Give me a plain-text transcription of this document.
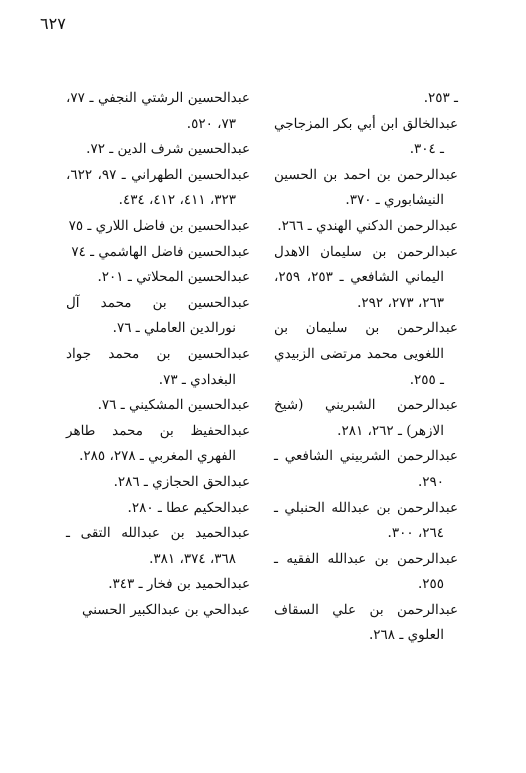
٦٢٧

عبدالحسين الرشتي النجفي ـ ٧٧، ٧٣، ٥٢٠.

عبدالحسين شرف الدين ـ ٧٢.

عبدالحسين الطهراني ـ ٩٧، ٦٢٢، ٣٢٣، ٤١١، ٤١٢، ٤٣٤.

عبدالحسين بن فاضل اللاري ـ ٧٥

عبدالحسين فاضل الهاشمي ـ ٧٤

عبدالحسين المحلاتي ـ ٢٠١.

عبدالحسين بن محمد آل نورالدين العاملي ـ ٧٦.

عبدالحسين بن محمد جواد البغدادي ـ ٧٣.

عبدالحسين المشكيني ـ ٧٦.

عبدالحفيظ بن محمد طاهر الفهري المغربي ـ ٢٧٨، ٢٨٥.

عبدالحق الحجازي ـ ٢٨٦.

عبدالحكيم عطا ـ ٢٨٠.

عبدالحميد بن عبدالله التقى ـ ٣٦٨، ٣٧٤، ٣٨١.

عبدالحميد بن فخار ـ ٣٤٣.

عبدالحي بن عبدالكبير الحسني

ـ ٢٥٣.

عبدالخالق ابن أبي بكر المزجاجي ـ ٣٠٤.

عبدالرحمن بن احمد بن الحسين النيشابوري ـ ٣٧٠.

عبدالرحمن الدكني الهندي ـ ٢٦٦.

عبدالرحمن بن سليمان الاهدل اليماني الشافعي ـ ٢٥٣، ٢٥٩، ٢٦٣، ٢٧٣، ٢٩٢.

عبدالرحمن بن سليمان بن اللغويى محمد مرتضى الزبيدي ـ ٢٥٥.

عبدالرحمن الشبريني (شيخ الازهر) ـ ٢٦٢، ٢٨١.

عبدالرحمن الشربيني الشافعي ـ ٢٩٠.

عبدالرحمن بن عبدالله الحنبلي ـ ٢٦٤، ٣٠٠.

عبدالرحمن بن عبدالله الفقيه ـ ٢٥٥.

عبدالرحمن بن علي السقاف العلوي ـ ٢٦٨.
